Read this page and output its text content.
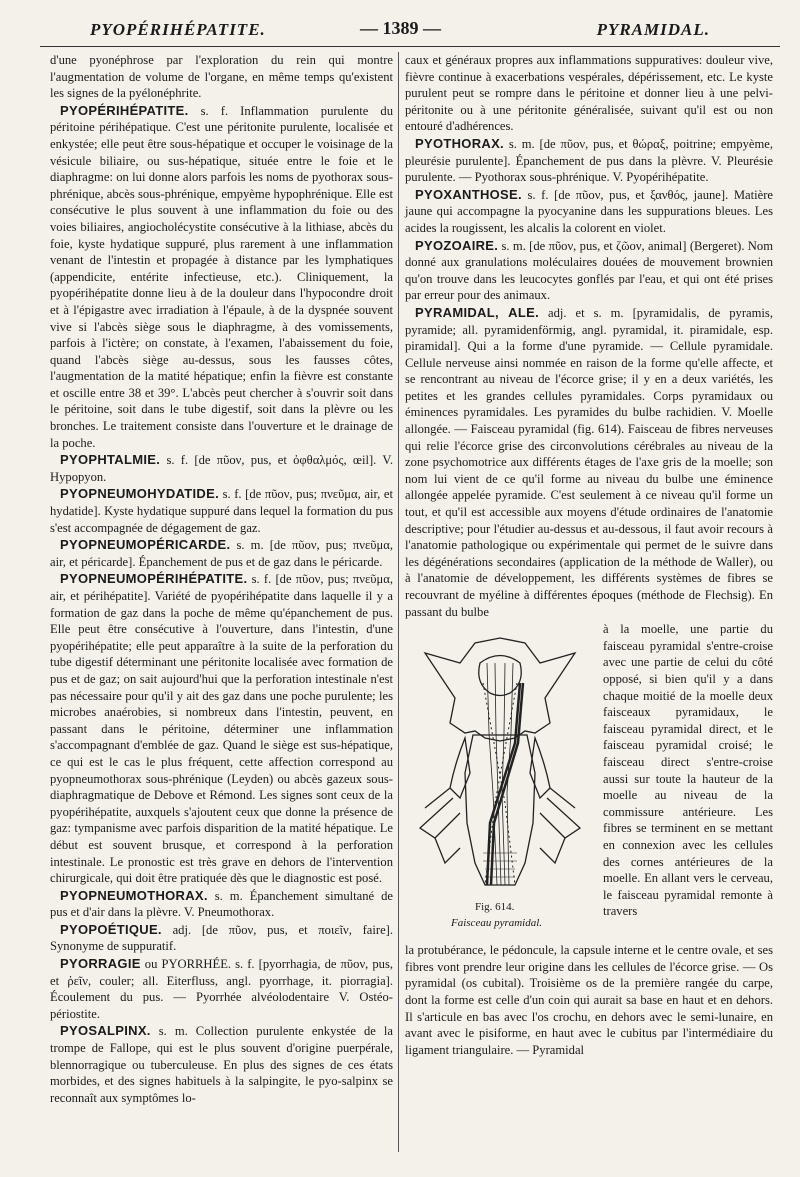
PYOPÉRIHÉPATITE.	— 1389 —	PYRAMIDAL.

d'une pyonéphrose par l'exploration du rein qui montre l'augmentation de volume de l'organe, en même temps qu'existent les signes de la pyélonéphrite.

PYOPÉRIHÉPATITE. s. f. Inflammation purulente du péritoine périhépatique. C'est une péritonite purulente, localisée et enkystée; elle peut être sous-hépatique et occuper le voisinage de la vésicule biliaire, ou sus-hépatique, située entre le foie et le diaphragme: on lui donne alors parfois les noms de pyothorax sous-phrénique, abcès sous-phrénique, empyème hypophrénique. Elle est consécutive le plus souvent à une inflammation du foie ou des voies biliaires, angiocholécystite consécutive à la lithiase, abcès du foie, kyste hydatique suppuré, plus rarement à une inflammation venant de l'intestin et propagée à distance par les lymphatiques (appendicite, entérite infectieuse, etc.). Cliniquement, la pyopérihépatite donne lieu à de la douleur dans l'hypocondre droit et à l'épigastre avec irradiation à l'épaule, à de la dyspnée souvent vive si l'abcès siège sous le diaphragme, à des vomissements, parfois à l'ictère; on constate, à l'examen, l'abaissement du foie, quand l'abcès siège au-dessus, sous les fausses côtes, l'augmentation de la matité hépatique; enfin la fièvre est constante et oscille entre 38 et 39°. L'abcès peut chercher à s'ouvrir soit dans le péritoine, soit dans le tube digestif, soit dans la plèvre ou les bronches. Le traitement consiste dans l'ouverture et le drainage de la poche.

PYOPHTALMIE. s. f. [de πῦον, pus, et ὀφθαλμός, œil]. V. Hypopyon.

PYOPNEUMOHYDATIDE. s. f. [de πῦον, pus; πνεῦμα, air, et hydatide]. Kyste hydatique suppuré dans lequel la formation du pus s'est accompagnée de dégagement de gaz.

PYOPNEUMOPÉRICARDE. s. m. [de πῦον, pus; πνεῦμα, air, et péricarde]. Épanchement de pus et de gaz dans le péricarde.

PYOPNEUMOPÉRIHÉPATITE. s. f. [de πῦον, pus; πνεῦμα, air, et périhépatite]. Variété de pyopérihépatite dans laquelle il y a formation de gaz dans la poche de même qu'épanchement de pus. Elle peut être consécutive à l'ouverture, dans l'intestin, d'une pyopérihépatite; elle peut apparaître à la suite de la perforation du tube digestif déterminant une péritonite localisée avec formation de pus et de gaz; on sait aujourd'hui que la perforation intestinale n'est pas nécessaire pour qu'il y ait des gaz dans une poche purulente; les microbes anaérobies, si nombreux dans l'intestin, peuvent, en passant dans le péritoine, déterminer une inflammation s'accompagnant d'emblée de gaz. Quand le siège est sus-hépatique, ce qui est le cas le plus fréquent, cette affection correspond au pyopneumothorax sous-phrénique (Leyden) ou abcès gazeux sous-diaphragmatique de Debove et Rémond. Les signes sont ceux de la pyopérihépatite, auxquels s'ajoutent ceux que donne la présence de gaz: tympanisme avec parfois disparition de la matité hépatique. Le début est souvent brusque, et correspond à la perforation intestinale. Le pronostic est très grave en dehors de l'intervention chirurgicale, qui doit être pratiquée dès que le diagnostic est posé.

PYOPNEUMOTHORAX. s. m. Épanchement simultané de pus et d'air dans la plèvre. V. Pneumothorax.

PYOPOÉTIQUE. adj. [de πῦον, pus, et ποιεῖν, faire]. Synonyme de suppuratif.

PYORRAGIE ou PYORRHÉE. s. f. [pyorrhagia, de πῦον, pus, et ῥεῖν, couler; all. Eiterfluss, angl. pyorrhage, it. piorragia]. Écoulement du pus. — Pyorrhée alvéolodentaire V. Ostéo-périostite.

PYOSALPINX. s. m. Collection purulente enkystée de la trompe de Fallope, qui est le plus souvent d'origine puerpérale, blennorragique ou tuberculeuse. En plus des signes de ces états morbides, et des signes habituels à la salpingite, le pyo-salpinx se reconnaît aux symptômes lo-

caux et généraux propres aux inflammations suppuratives: douleur vive, fièvre continue à exacerbations vespérales, dépérissement, etc. Le kyste purulent peut se rompre dans le péritoine et donner lieu à une pelvi-péritonite ou à une péritonite généralisée, suivant qu'il est ou non entouré d'adhérences.

PYOTHORAX. s. m. [de πῦον, pus, et θώραξ, poitrine; empyème, pleurésie purulente]. Épanchement de pus dans la plèvre. V. Pleurésie purulente. — Pyothorax sous-phrénique. V. Pyopérihépatite.

PYOXANTHOSE. s. f. [de πῦον, pus, et ξανθός, jaune]. Matière jaune qui accompagne la pyocyanine dans les suppurations bleues. Les acides la rougissent, les alcalis la colorent en violet.

PYOZOAIRE. s. m. [de πῦον, pus, et ζῶον, animal] (Bergeret). Nom donné aux granulations moléculaires douées de mouvement brownien qu'on trouve dans les leucocytes gonflés par l'eau, et qui ont été prises par erreur pour des animaux.

PYRAMIDAL, ALE. adj. et s. m. [pyramidalis, de pyramis, pyramide; all. pyramidenförmig, angl. pyramidal, it. piramidale, esp. piramidal]. Qui a la forme d'une pyramide. — Cellule pyramidale. Cellule nerveuse ainsi nommée en raison de la forme qu'elle affecte, et se rencontrant au niveau de l'écorce grise; il y en a deux variétés, les petites et les grandes cellules pyramidales. Corps pyramidaux ou éminences pyramidales. Les pyramides du bulbe rachidien. V. Moelle allongée. — Faisceau pyramidal (fig. 614). Faisceau de fibres nerveuses qui relie l'écorce grise des circonvolutions cérébrales au niveau de la zone psychomotrice aux différents étages de l'axe gris de la moelle; son nom lui vient de ce qu'il forme au niveau du bulbe une éminence allongée appelée pyramide. C'est seulement à ce niveau qu'il forme un tout, et qu'il est accessible aux moyens d'étude ordinaires de l'anatomie descriptive; pour l'étudier au-dessus et au-dessous, il faut avoir recours à l'anatomie pathologique ou expérimentale qui permet de le suivre dans les dégénérations secondaires (application de la méthode de Waller), ou à l'anatomie de développement, les différents systèmes de fibres se recouvrant de myéline à différentes époques (méthode de Flechsig). En passant du bulbe

Fig. 614.
Faisceau pyramidal.

à la moelle, une partie du faisceau pyramidal s'entre-croise avec une partie de celui du côté opposé, si bien qu'il y a dans chaque moitié de la moelle deux faisceaux pyramidaux, le faisceau pyramidal direct, et le faisceau pyramidal croisé; le faisceau direct s'entre-croise aussi sur toute la hauteur de la moelle au niveau de la commissure antérieure. Les fibres se terminent en se mettant en connexion avec les cellules des cornes antérieures de la moelle. En allant vers le cerveau, le faisceau pyramidal remonte à travers

la protubérance, le pédoncule, la capsule interne et le centre ovale, et ses fibres vont prendre leur origine dans les cellules de l'écorce grise. — Os pyramidal (os cubital). Troisième os de la première rangée du carpe, dont la forme est celle d'un coin qui aurait sa base en haut et en dehors. Il s'articule en bas avec l'os crochu, en dehors avec le semi-lunaire, en avant avec le pisiforme, en haut avec le cubitus par l'intermédiaire du ligament triangulaire. — Pyramidal
